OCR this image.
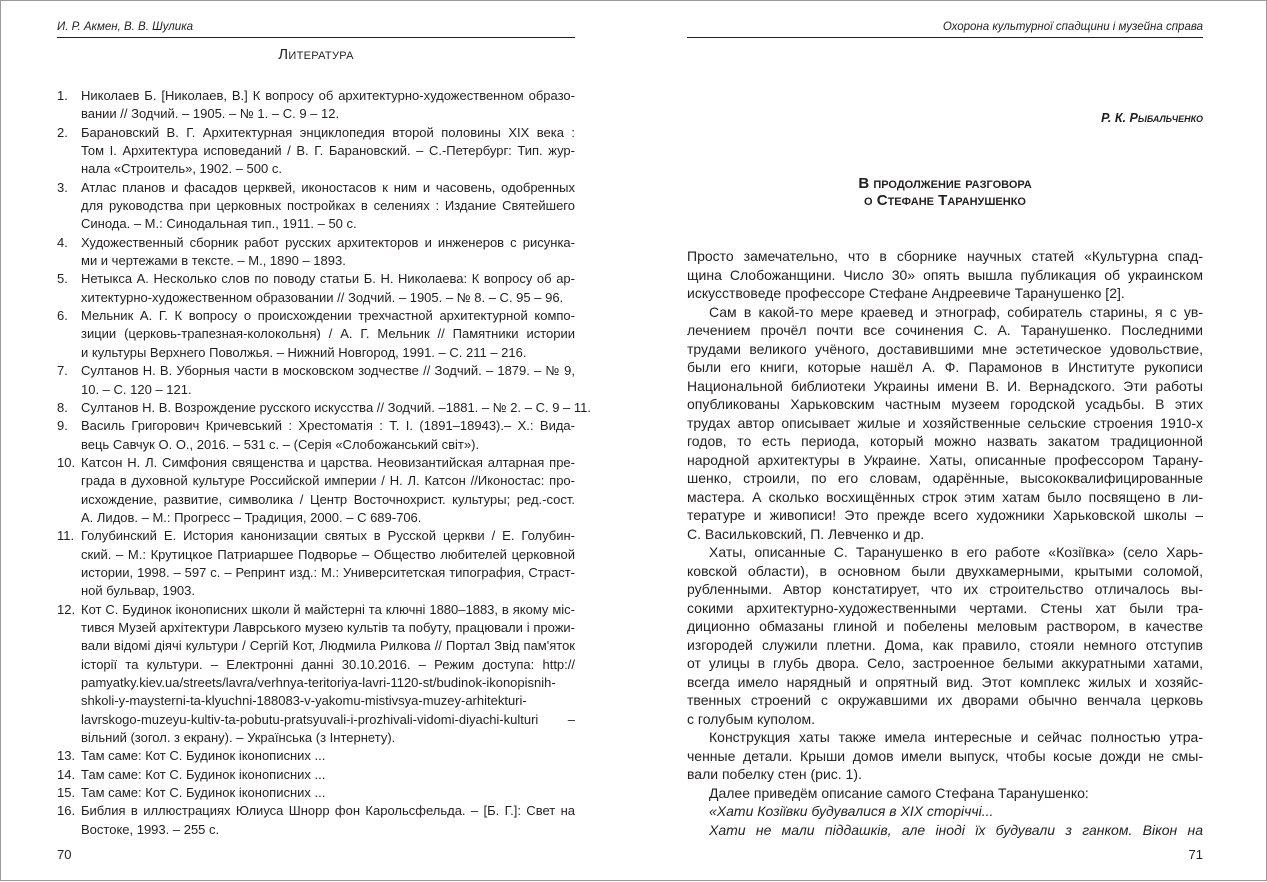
И. Р. Акмен, В. В. Шулика
Литература
1. Николаев Б. [Николаев, В.] К вопросу об архитектурно-художественном образо-
вании // Зодчий. – 1905. – № 1. – С. 9 – 12.
2. Барановский В. Г. Архитектурная энциклопедия второй половины XIX века :
Том I. Архитектура исповеданий / В. Г. Барановский. – С.-Петербург: Тип. жур-
нала «Строитель», 1902. – 500 с.
3. Атлас планов и фасадов церквей, иконостасов к ним и часовень, одобренных
для руководства при церковных постройках в селениях : Издание Святейшего
Синода. – М.: Синодальная тип., 1911. – 50 с.
4. Художественный сборник работ русских архитекторов и инженеров с рисунка-
ми и чертежами в тексте. – М., 1890 – 1893.
5. Нетыкса А. Несколько слов по поводу статьи Б. Н. Николаева: К вопросу об ар-
хитектурно-художественном образовании // Зодчий. – 1905. – № 8. – С. 95 – 96.
6. Мельник А. Г. К вопросу о происхождении трехчастной архитектурной компо-
зиции (церковь-трапезная-колокольня) / А. Г. Мельник // Памятники истории
и культуры Верхнего Поволжья. – Нижний Новгород, 1991. – С. 211 – 216.
7. Султанов Н. В. Уборныя части в московском зодчестве // Зодчий. – 1879. – № 9,
10. – С. 120 – 121.
8. Султанов Н. В. Возрождение русского искусства // Зодчий. –1881. – № 2. – С. 9 – 11.
9. Василь Григорович Кричевський : Хрестоматія : Т. I. (1891–18943).– Х.: Вида-
вець Савчук О. О., 2016. – 531 с. – (Серія «Слобожанський світ»).
10. Катсон Н. Л. Симфония священства и царства. Неовизантийская алтарная пре-
града в духовной культуре Российской империи / Н. Л. Катсон //Иконостас: про-
исхождение, развитие, символика / Центр Восточнохрист. культуры; ред.-сост.
А. Лидов. – М.: Прогресс – Традиция, 2000. – С 689-706.
11. Голубинский Е. История канонизации святых в Русской церкви / Е. Голубин-
ский. – М.: Крутицкое Патриаршее Подворье – Общество любителей церковной
истории, 1998. – 597 с. – Репринт изд.: М.: Университетская типография, Страст-
ной бульвар, 1903.
12. Кот С. Будинок іконописних школи й майстерні та ключні 1880–1883, в якому міс-
тився Музей архітектури Лаврського музею культів та побуту, працювали і прожи-
вали відомі діячі культури / Сергій Кот, Людмила Рилкова // Портал Звід пам'яток
історії та культури. – Електронні данні 30.10.2016. – Режим доступа: http://
pamyatky.kiev.ua/streets/lavra/verhnya-teritoriya-lavri-1120-st/budinok-ikonopisnih-
shkoli-y-maysterni-ta-klyuchni-188083-v-yakomu-mistivsya-muzey-arhitekturi-
lavrskogo-muzeyu-kultiv-ta-pobutu-pratsyuvali-i-prozhivali-vidomi-diyachi-kulturi –
вільний (зогол. з екрану). – Українська (з Інтернету).
13. Там саме: Кот С. Будинок іконописних ...
14. Там саме: Кот С. Будинок іконописних ...
15. Там саме: Кот С. Будинок іконописних ...
16. Библия в иллюстрациях Юлиуса Шнорр фон Карольсфельда. – [Б. Г.]: Свет на
Востоке, 1993. – 255 с.
70
Охорона культурної спадщини і музейна справа
Р. К. Рыбальченко
В продолжение разговора
о Стефане Таранушенко
Просто замечательно, что в сборнике научных статей «Культурна спад-
щина Слобожанщини. Число 30» опять вышла публикация об украинском
искусствоведе профессоре Стефане Андреевиче Таранушенко [2].
Сам в какой-то мере краевед и этнограф, собиратель старины, я с ув-
лечением прочёл почти все сочинения С. А. Таранушенко. Последними
трудами великого учёного, доставившими мне эстетическое удовольствие,
были его книги, которые нашёл А. Ф. Парамонов в Институте рукописи
Национальной библиотеки Украины имени В. И. Вернадского. Эти работы
опубликованы Харьковским частным музеем городской усадьбы. В этих
трудах автор описывает жилые и хозяйственные сельские строения 1910-х
годов, то есть периода, который можно назвать закатом традиционной
народной архитектуры в Украине. Хаты, описанные профессором Тарану-
шенко, строили, по его словам, одарённые, высококвалифицированные
мастера. А сколько восхищённых строк этим хатам было посвящено в ли-
тературе и живописи! Это прежде всего художники Харьковской школы –
С. Васильковский, П. Левченко и др.
Хаты, описанные С. Таранушенко в его работе «Козіївка» (село Харь-
ковской области), в основном были двухкамерными, крытыми соломой,
рубленными. Автор констатирует, что их строительство отличалось вы-
сокими архитектурно-художественными чертами. Стены хат были тра-
диционно обмазаны глиной и побелены меловым раствором, в качестве
изгородей служили плетни. Дома, как правило, стояли немного отступив
от улицы в глубь двора. Село, застроенное белыми аккуратными хатами,
всегда имело нарядный и опрятный вид. Этот комплекс жилых и хозяйс-
твенных строений с окружавшими их дворами обычно венчала церковь
с голубым куполом.
Конструкция хаты также имела интересные и сейчас полностью утра-
ченные детали. Крыши домов имели выпуск, чтобы косые дожди не смы-
вали побелку стен (рис. 1).
Далее приведём описание самого Стефана Таранушенко:
«Хати Козіївки будувалися в XIX сторіччі...
Хати не мали піддашків, але іноді їх будували з ганком. Вікон на
71
